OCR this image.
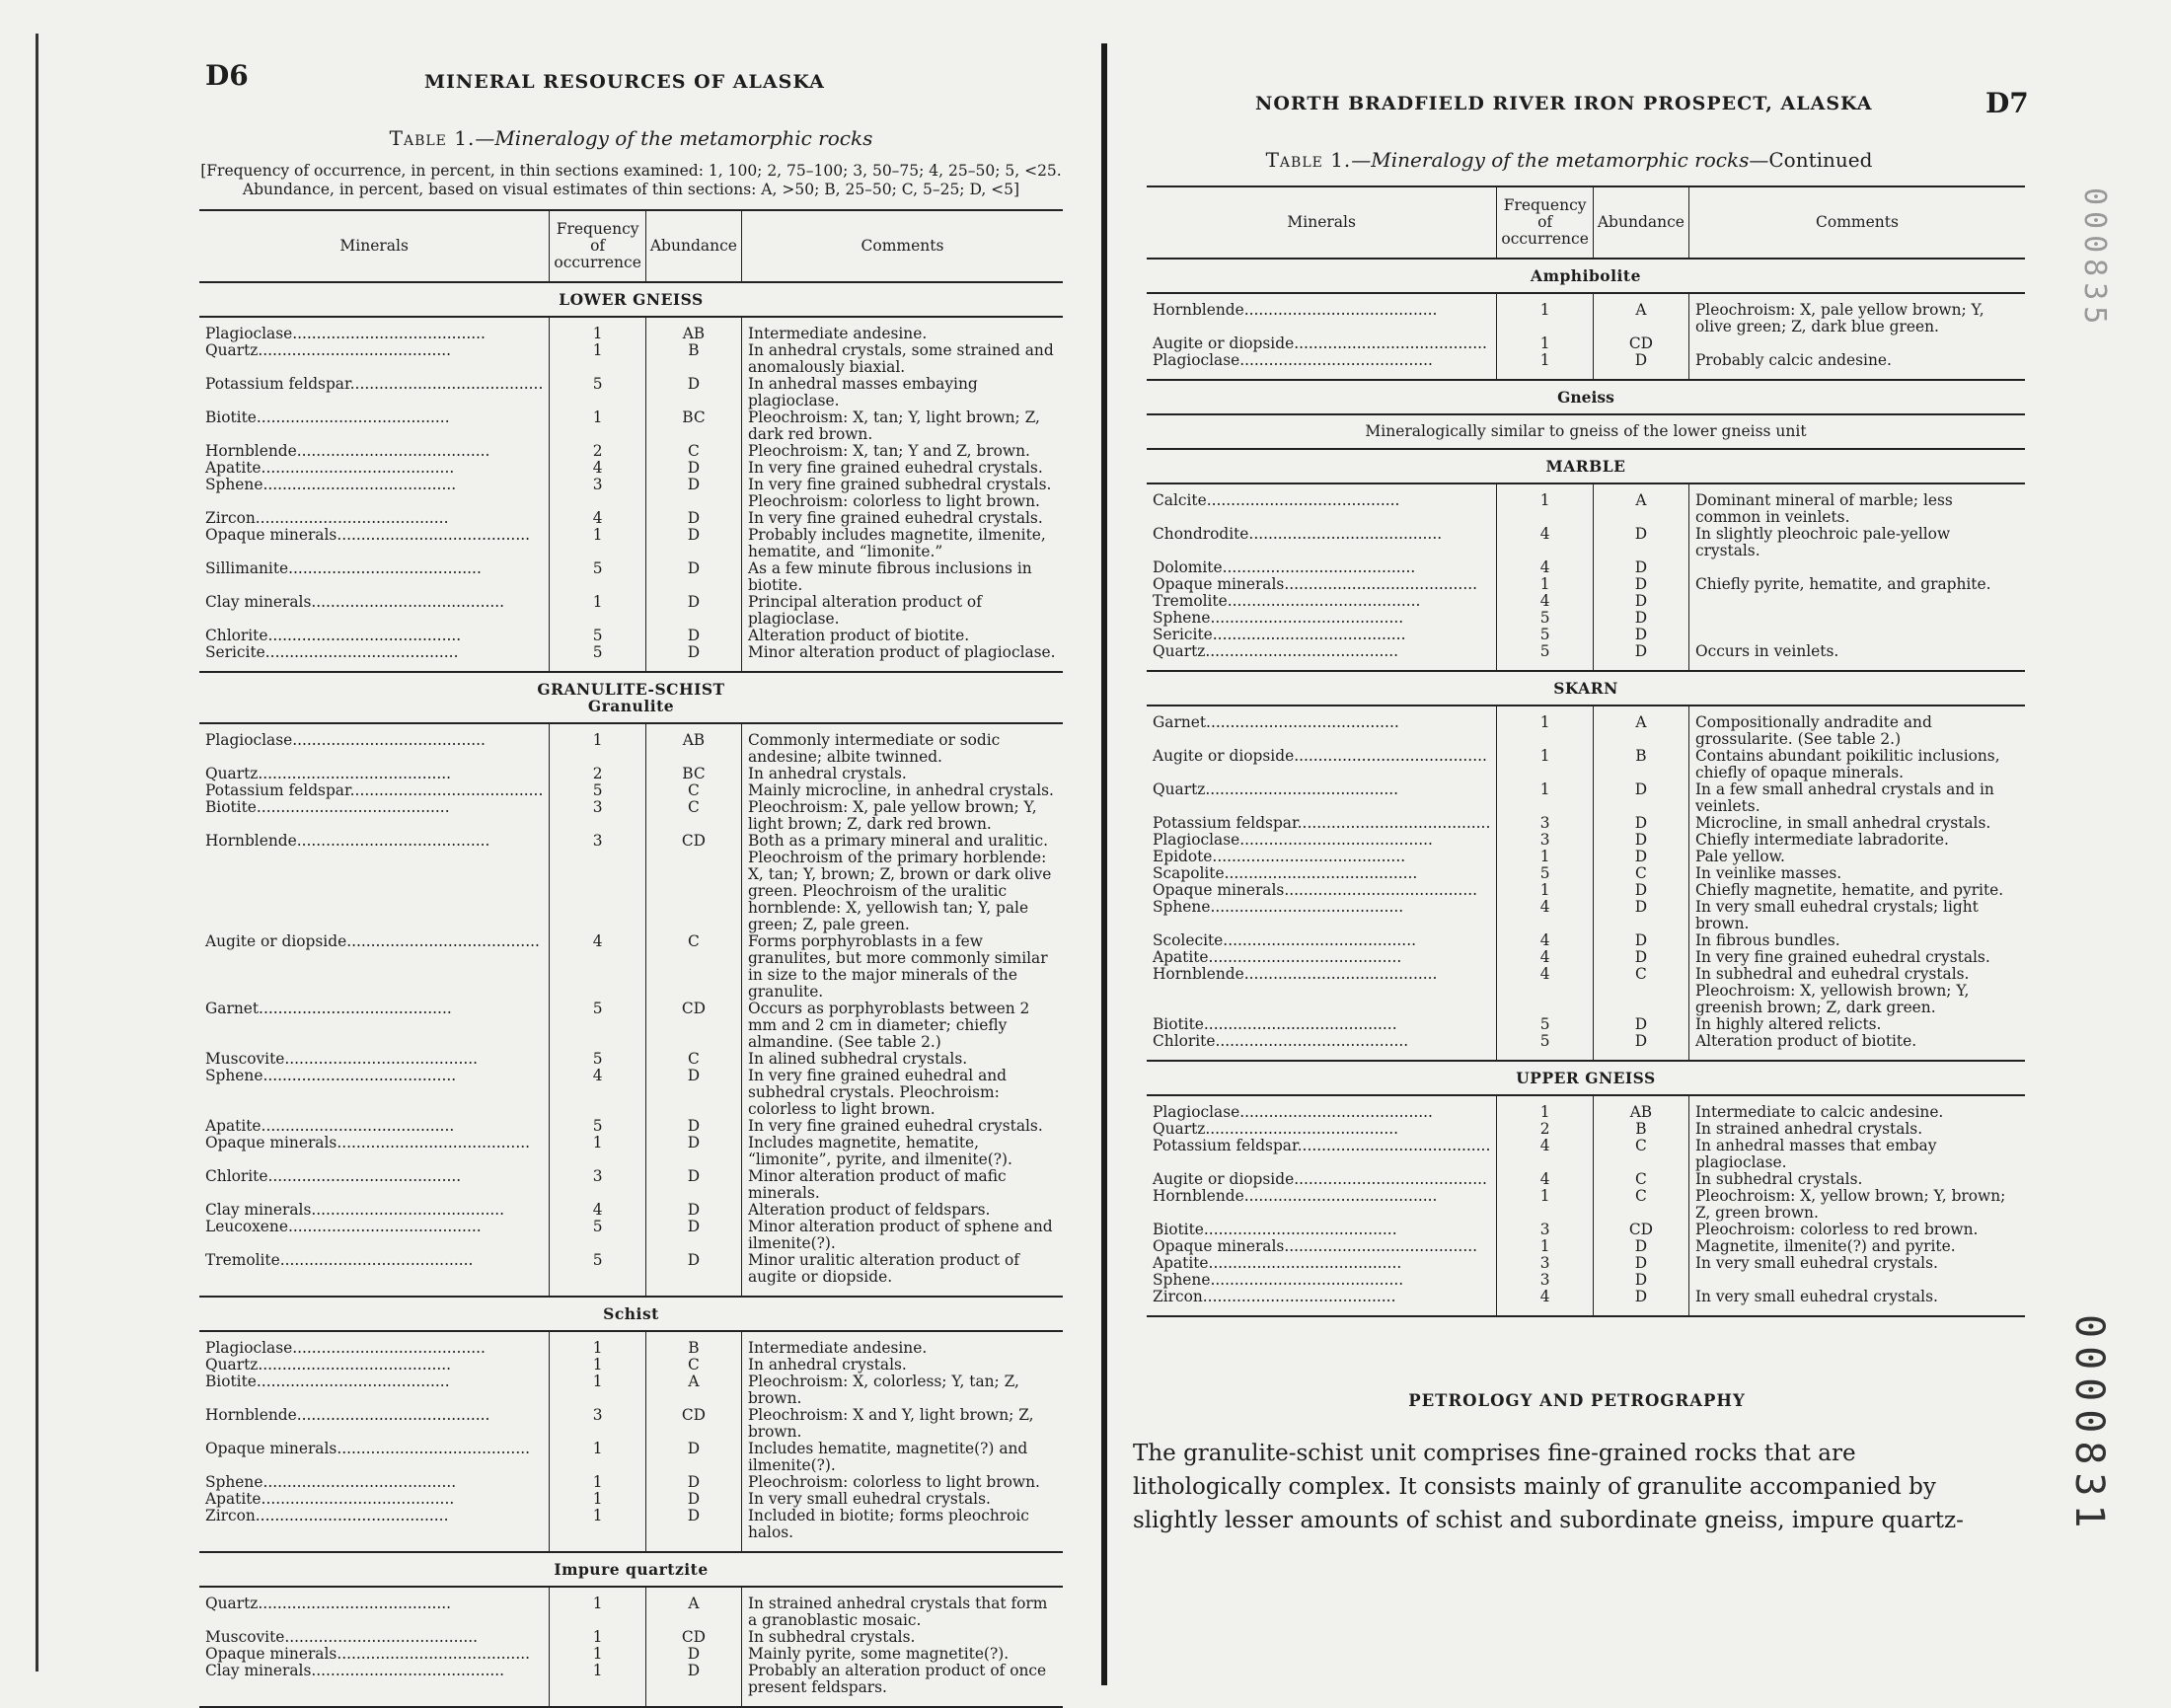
D6	MINERAL RESOURCES OF ALASKA
Table 1.—Mineralogy of the metamorphic rocks
[Frequency of occurrence, in percent, in thin sections examined: 1, 100; 2, 75–100; 3, 50–75; 4, 25–50; 5, <25.
Abundance, in percent, based on visual estimates of thin sections: A, >50; B, 25–50; C, 5–25; D, <5]
Minerals	Frequency of occurrence	Abundance	Comments

LOWER GNEISS			

Plagioclase........................................	1	AB	Intermediate andesine.
Quartz........................................	1	B	In anhedral crystals, some strained and anomalously biaxial.
Potassium feldspar........................................	5	D	In anhedral masses embaying plagioclase.
Biotite........................................	1	BC	Pleochroism: X, tan; Y, light brown; Z, dark red brown.
Hornblende........................................	2	C	Pleochroism: X, tan; Y and Z, brown.
Apatite........................................	4	D	In very fine grained euhedral crystals.
Sphene........................................	3	D	In very fine grained subhedral crystals. Pleochroism: colorless to light brown.
Zircon........................................	4	D	In very fine grained euhedral crystals.
Opaque minerals........................................	1	D	Probably includes magnetite, ilmenite, hematite, and “limonite.”
Sillimanite........................................	5	D	As a few minute fibrous inclusions in biotite.
Clay minerals........................................	1	D	Principal alteration product of plagioclase.
Chlorite........................................	5	D	Alteration product of biotite.
Sericite........................................	5	D	Minor alteration product of plagioclase.

GRANULITE-SCHIST
Granulite			

Plagioclase........................................	1	AB	Commonly intermediate or sodic andesine; albite twinned.
Quartz........................................	2	BC	In anhedral crystals.
Potassium feldspar........................................	5	C	Mainly microcline, in anhedral crystals.
Biotite........................................	3	C	Pleochroism: X, pale yellow brown; Y, light brown; Z, dark red brown.
Hornblende........................................	3	CD	Both as a primary mineral and uralitic. Pleochroism of the primary horblende: X, tan; Y, brown; Z, brown or dark olive green. Pleochroism of the uralitic hornblende: X, yellowish tan; Y, pale green; Z, pale green.
Augite or diopside........................................	4	C	Forms porphyroblasts in a few granulites, but more commonly similar in size to the major minerals of the granulite.
Garnet........................................	5	CD	Occurs as porphyroblasts between 2 mm and 2 cm in diameter; chiefly almandine. (See table 2.)
Muscovite........................................	5	C	In alined subhedral crystals.
Sphene........................................	4	D	In very fine grained euhedral and subhedral crystals. Pleochroism: colorless to light brown.
Apatite........................................	5	D	In very fine grained euhedral crystals.
Opaque minerals........................................	1	D	Includes magnetite, hematite, “limonite”, pyrite, and ilmenite(?).
Chlorite........................................	3	D	Minor alteration product of mafic minerals.
Clay minerals........................................	4	D	Alteration product of feldspars.
Leucoxene........................................	5	D	Minor alteration product of sphene and ilmenite(?).
Tremolite........................................	5	D	Minor uralitic alteration product of augite or diopside.

Schist			

Plagioclase........................................	1	B	Intermediate andesine.
Quartz........................................	1	C	In anhedral crystals.
Biotite........................................	1	A	Pleochroism: X, colorless; Y, tan; Z, brown.
Hornblende........................................	3	CD	Pleochroism: X and Y, light brown; Z, brown.
Opaque minerals........................................	1	D	Includes hematite, magnetite(?) and ilmenite(?).
Sphene........................................	1	D	Pleochroism: colorless to light brown.
Apatite........................................	1	D	In very small euhedral crystals.
Zircon........................................	1	D	Included in biotite; forms pleochroic halos.

Impure quartzite			

Quartz........................................	1	A	In strained anhedral crystals that form a granoblastic mosaic.
Muscovite........................................	1	CD	In subhedral crystals.
Opaque minerals........................................	1	D	Mainly pyrite, some magnetite(?).
Clay minerals........................................	1	D	Probably an alteration product of once present feldspars.

NORTH BRADFIELD RIVER IRON PROSPECT, ALASKA	D7
Table 1.—Mineralogy of the metamorphic rocks—Continued
Minerals	Frequency of occurrence	Abundance	Comments

Amphibolite			

Hornblende........................................	1	A	Pleochroism: X, pale yellow brown; Y, olive green; Z, dark blue green.
Augite or diopside........................................	1	CD	
Plagioclase........................................	1	D	Probably calcic andesine.

Gneiss			

Mineralogically similar to gneiss of the lower gneiss unit			

MARBLE			

Calcite........................................	1	A	Dominant mineral of marble; less common in veinlets.
Chondrodite........................................	4	D	In slightly pleochroic pale-yellow crystals.
Dolomite........................................	4	D	
Opaque minerals........................................	1	D	Chiefly pyrite, hematite, and graphite.
Tremolite........................................	4	D	
Sphene........................................	5	D	
Sericite........................................	5	D	
Quartz........................................	5	D	Occurs in veinlets.

SKARN			

Garnet........................................	1	A	Compositionally andradite and grossularite. (See table 2.)
Augite or diopside........................................	1	B	Contains abundant poikilitic inclusions, chiefly of opaque minerals.
Quartz........................................	1	D	In a few small anhedral crystals and in veinlets.
Potassium feldspar........................................	3	D	Microcline, in small anhedral crystals.
Plagioclase........................................	3	D	Chiefly intermediate labradorite.
Epidote........................................	1	D	Pale yellow.
Scapolite........................................	5	C	In veinlike masses.
Opaque minerals........................................	1	D	Chiefly magnetite, hematite, and pyrite.
Sphene........................................	4	D	In very small euhedral crystals; light brown.
Scolecite........................................	4	D	In fibrous bundles.
Apatite........................................	4	D	In very fine grained euhedral crystals.
Hornblende........................................	4	C	In subhedral and euhedral crystals. Pleochroism: X, yellowish brown; Y, greenish brown; Z, dark green.
Biotite........................................	5	D	In highly altered relicts.
Chlorite........................................	5	D	Alteration product of biotite.

UPPER GNEISS			

Plagioclase........................................	1	AB	Intermediate to calcic andesine.
Quartz........................................	2	B	In strained anhedral crystals.
Potassium feldspar........................................	4	C	In anhedral masses that embay plagioclase.
Augite or diopside........................................	4	C	In subhedral crystals.
Hornblende........................................	1	C	Pleochroism: X, yellow brown; Y, brown; Z, green brown.
Biotite........................................	3	CD	Pleochroism: colorless to red brown.
Opaque minerals........................................	1	D	Magnetite, ilmenite(?) and pyrite.
Apatite........................................	3	D	In very small euhedral crystals.
Sphene........................................	3	D	
Zircon........................................	4	D	In very small euhedral crystals.

PETROLOGY AND PETROGRAPHY
The granulite-schist unit comprises fine-grained rocks that are lithologically complex. It consists mainly of granulite accompanied by slightly lesser amounts of schist and subordinate gneiss, impure quartz-
000835
0000831
